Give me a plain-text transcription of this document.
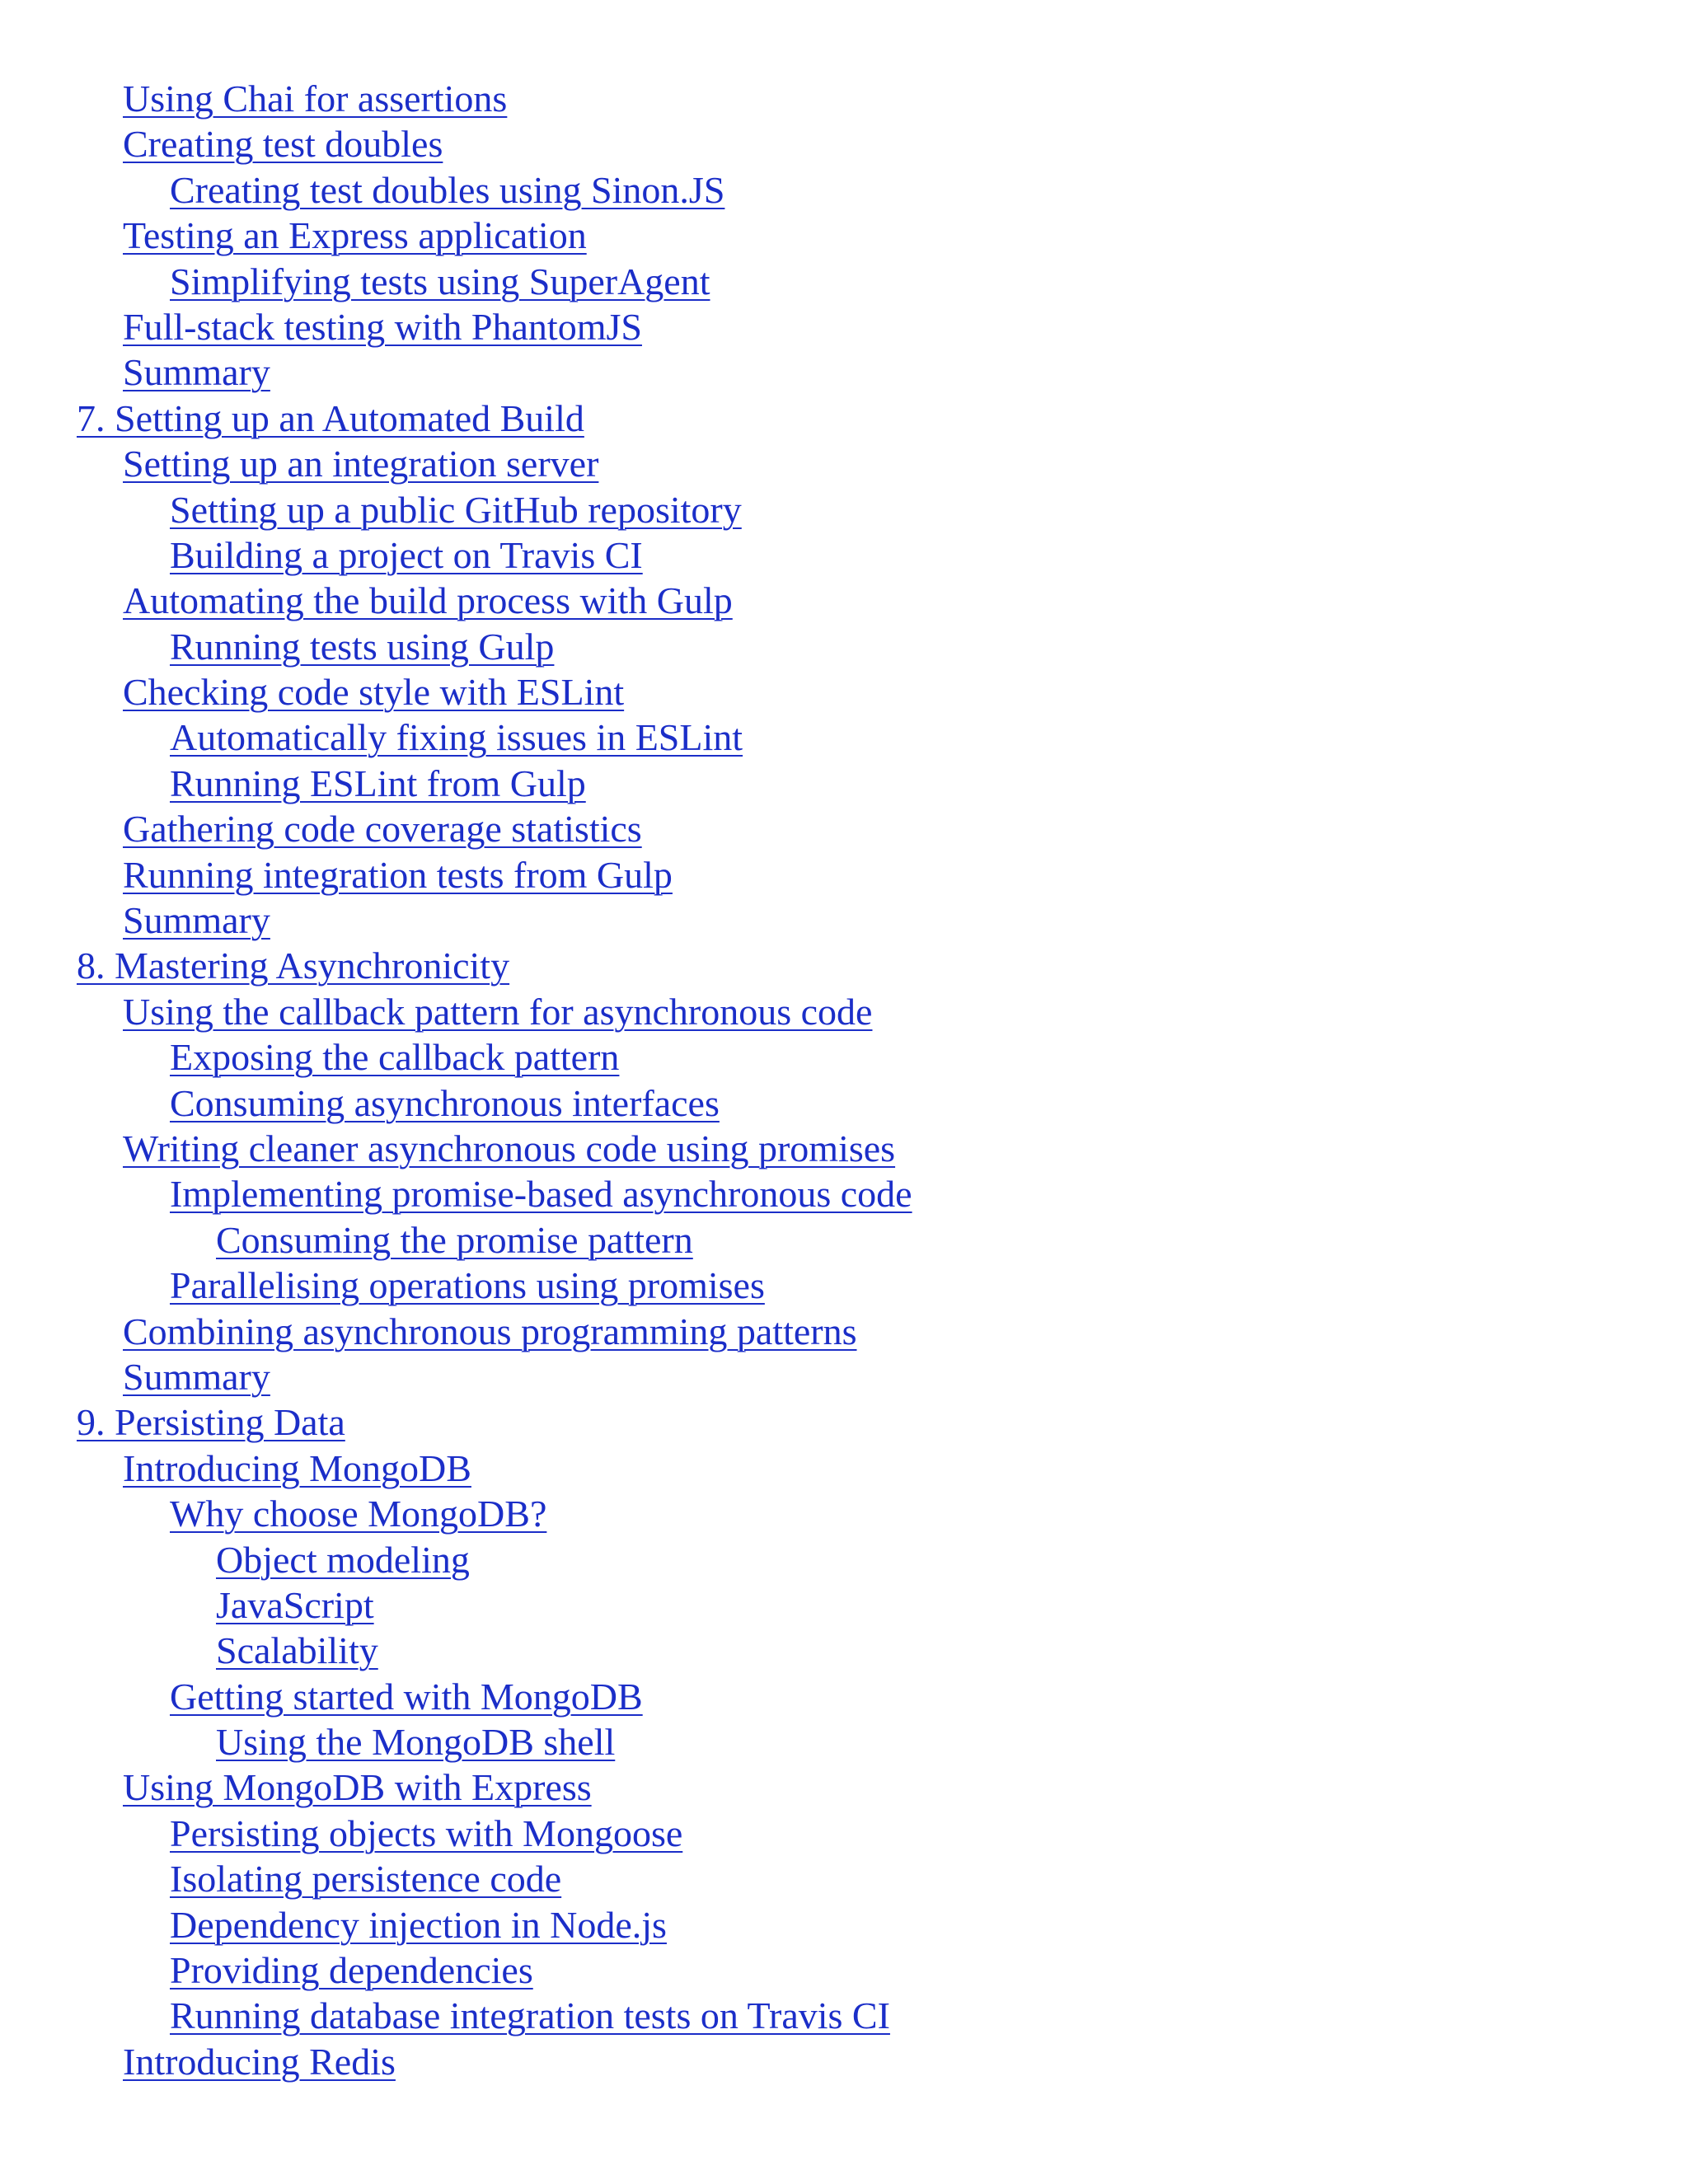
Using Chai for assertions
Creating test doubles
Creating test doubles using Sinon.JS
Testing an Express application
Simplifying tests using SuperAgent
Full-stack testing with PhantomJS
Summary
7. Setting up an Automated Build
Setting up an integration server
Setting up a public GitHub repository
Building a project on Travis CI
Automating the build process with Gulp
Running tests using Gulp
Checking code style with ESLint
Automatically fixing issues in ESLint
Running ESLint from Gulp
Gathering code coverage statistics
Running integration tests from Gulp
Summary
8. Mastering Asynchronicity
Using the callback pattern for asynchronous code
Exposing the callback pattern
Consuming asynchronous interfaces
Writing cleaner asynchronous code using promises
Implementing promise-based asynchronous code
Consuming the promise pattern
Parallelising operations using promises
Combining asynchronous programming patterns
Summary
9. Persisting Data
Introducing MongoDB
Why choose MongoDB?
Object modeling
JavaScript
Scalability
Getting started with MongoDB
Using the MongoDB shell
Using MongoDB with Express
Persisting objects with Mongoose
Isolating persistence code
Dependency injection in Node.js
Providing dependencies
Running database integration tests on Travis CI
Introducing Redis
